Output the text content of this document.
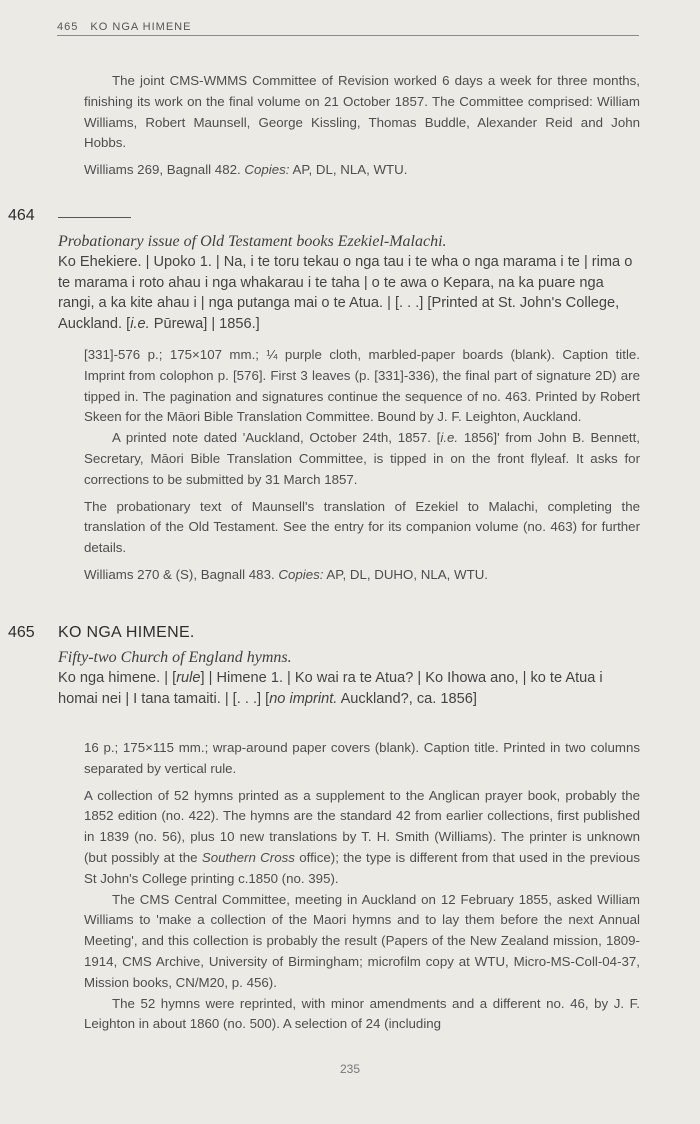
465 KO NGA HIMENE

The joint CMS-WMMS Committee of Revision worked 6 days a week for three months, finishing its work on the final volume on 21 October 1857. The Committee comprised: William Williams, Robert Maunsell, George Kissling, Thomas Buddle, Alexander Reid and John Hobbs.

Williams 269, Bagnall 482. Copies: AP, DL, NLA, WTU.

464

Probationary issue of Old Testament books Ezekiel-Malachi.

Ko Ehekiere. | Upoko 1. | Na, i te toru tekau o nga tau i te wha o nga marama i te | rima o te marama i roto ahau i nga whakarau i te taha | o te awa o Kepara, na ka puare nga rangi, a ka kite ahau i | nga putanga mai o te Atua. | [. . .] [Printed at St. John's College, Auckland. [i.e. Pūrewa] | 1856.]

[331]-576 p.; 175×107 mm.; ¼ purple cloth, marbled-paper boards (blank). Caption title. Imprint from colophon p. [576]. First 3 leaves (p. [331]-336), the final part of signature 2D) are tipped in. The pagination and signatures continue the sequence of no. 463. Printed by Robert Skeen for the Māori Bible Translation Committee. Bound by J. F. Leighton, Auckland.

A printed note dated 'Auckland, October 24th, 1857. [i.e. 1856]' from John B. Bennett, Secretary, Māori Bible Translation Committee, is tipped in on the front flyleaf. It asks for corrections to be submitted by 31 March 1857.

The probationary text of Maunsell's translation of Ezekiel to Malachi, completing the translation of the Old Testament. See the entry for its companion volume (no. 463) for further details.

Williams 270 & (S), Bagnall 483. Copies: AP, DL, DUHO, NLA, WTU.

465 KO NGA HIMENE.

Fifty-two Church of England hymns.

Ko nga himene. | [rule] | Himene 1. | Ko wai ra te Atua? | Ko Ihowa ano, | ko te Atua i homai nei | I tana tamaiti. | [. . .] [no imprint. Auckland?, ca. 1856]

16 p.; 175×115 mm.; wrap-around paper covers (blank). Caption title. Printed in two columns separated by vertical rule.

A collection of 52 hymns printed as a supplement to the Anglican prayer book, probably the 1852 edition (no. 422). The hymns are the standard 42 from earlier collections, first published in 1839 (no. 56), plus 10 new translations by T. H. Smith (Williams). The printer is unknown (but possibly at the Southern Cross office); the type is different from that used in the previous St John's College printing c.1850 (no. 395).

The CMS Central Committee, meeting in Auckland on 12 February 1855, asked William Williams to 'make a collection of the Maori hymns and to lay them before the next Annual Meeting', and this collection is probably the result (Papers of the New Zealand mission, 1809-1914, CMS Archive, University of Birmingham; microfilm copy at WTU, Micro-MS-Coll-04-37, Mission books, CN/M20, p. 456).

The 52 hymns were reprinted, with minor amendments and a different no. 46, by J. F. Leighton in about 1860 (no. 500). A selection of 24 (including

235
